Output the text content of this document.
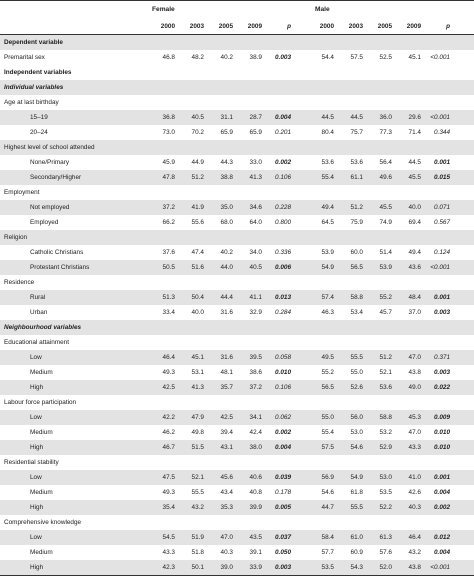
Female	Male
2000	2003	2005	2009	p	2000	2003	2005	2009	p
Dependent variable
Premarital sex	46.8	48.2	40.2	38.9	0.003	54.4	57.5	52.5	45.1	<0.001
Independent variables
Individual variables
Age at last birthday
15–19	36.8	40.5	31.1	28.7	0.004	44.5	44.5	36.0	29.6	<0.001
20–24	73.0	70.2	65.9	65.9	0.201	80.4	75.7	77.3	71.4	0.344
Highest level of school attended
None/Primary	45.9	44.9	44.3	33.0	0.002	53.6	53.6	56.4	44.5	0.001
Secondary/Higher	47.8	51.2	38.8	41.3	0.106	55.4	61.1	49.6	45.5	0.015
Employment
Not employed	37.2	41.9	35.0	34.6	0.228	49.4	51.2	45.5	40.0	0.071
Employed	66.2	55.6	68.0	64.0	0.800	64.5	75.9	74.9	69.4	0.567
Religion
Catholic Christians	37.6	47.4	40.2	34.0	0.336	53.9	60.0	51.4	49.4	0.124
Protestant Christians	50.5	51.6	44.0	40.5	0.006	54.9	56.5	53.9	43.6	<0.001
Residence
Rural	51.3	50.4	44.4	41.1	0.013	57.4	58.8	55.2	48.4	0.001
Urban	33.4	40.0	31.6	32.9	0.284	46.3	53.4	45.7	37.0	0.003
Neighbourhood variables
Educational attainment
Low	46.4	45.1	31.6	39.5	0.058	49.5	55.5	51.2	47.0	0.371
Medium	49.3	53.1	48.1	38.6	0.010	55.2	55.0	52.1	43.8	0.003
High	42.5	41.3	35.7	37.2	0.106	56.5	52.6	53.6	49.0	0.022
Labour force participation
Low	42.2	47.9	42.5	34.1	0.062	55.0	56.0	58.8	45.3	0.009
Medium	46.2	49.8	39.4	42.4	0.002	55.4	53.0	53.2	47.0	0.010
High	46.7	51.5	43.1	38.0	0.004	57.5	54.6	52.9	43.3	0.010
Residential stability
Low	47.5	52.1	45.6	40.6	0.039	56.9	54.9	53.0	41.0	0.001
Medium	49.3	55.5	43.4	40.8	0.178	54.6	61.8	53.5	42.6	0.004
High	35.4	43.2	35.3	39.9	0.005	44.7	55.5	52.2	40.3	0.002
Comprehensive knowledge
Low	54.5	51.9	47.0	43.5	0.037	58.4	61.0	61.3	46.4	0.012
Medium	43.3	51.8	40.3	39.1	0.050	57.7	60.9	57.6	43.2	0.004
High	42.3	50.1	39.0	33.9	0.003	53.5	54.3	52.0	43.8	<0.001
